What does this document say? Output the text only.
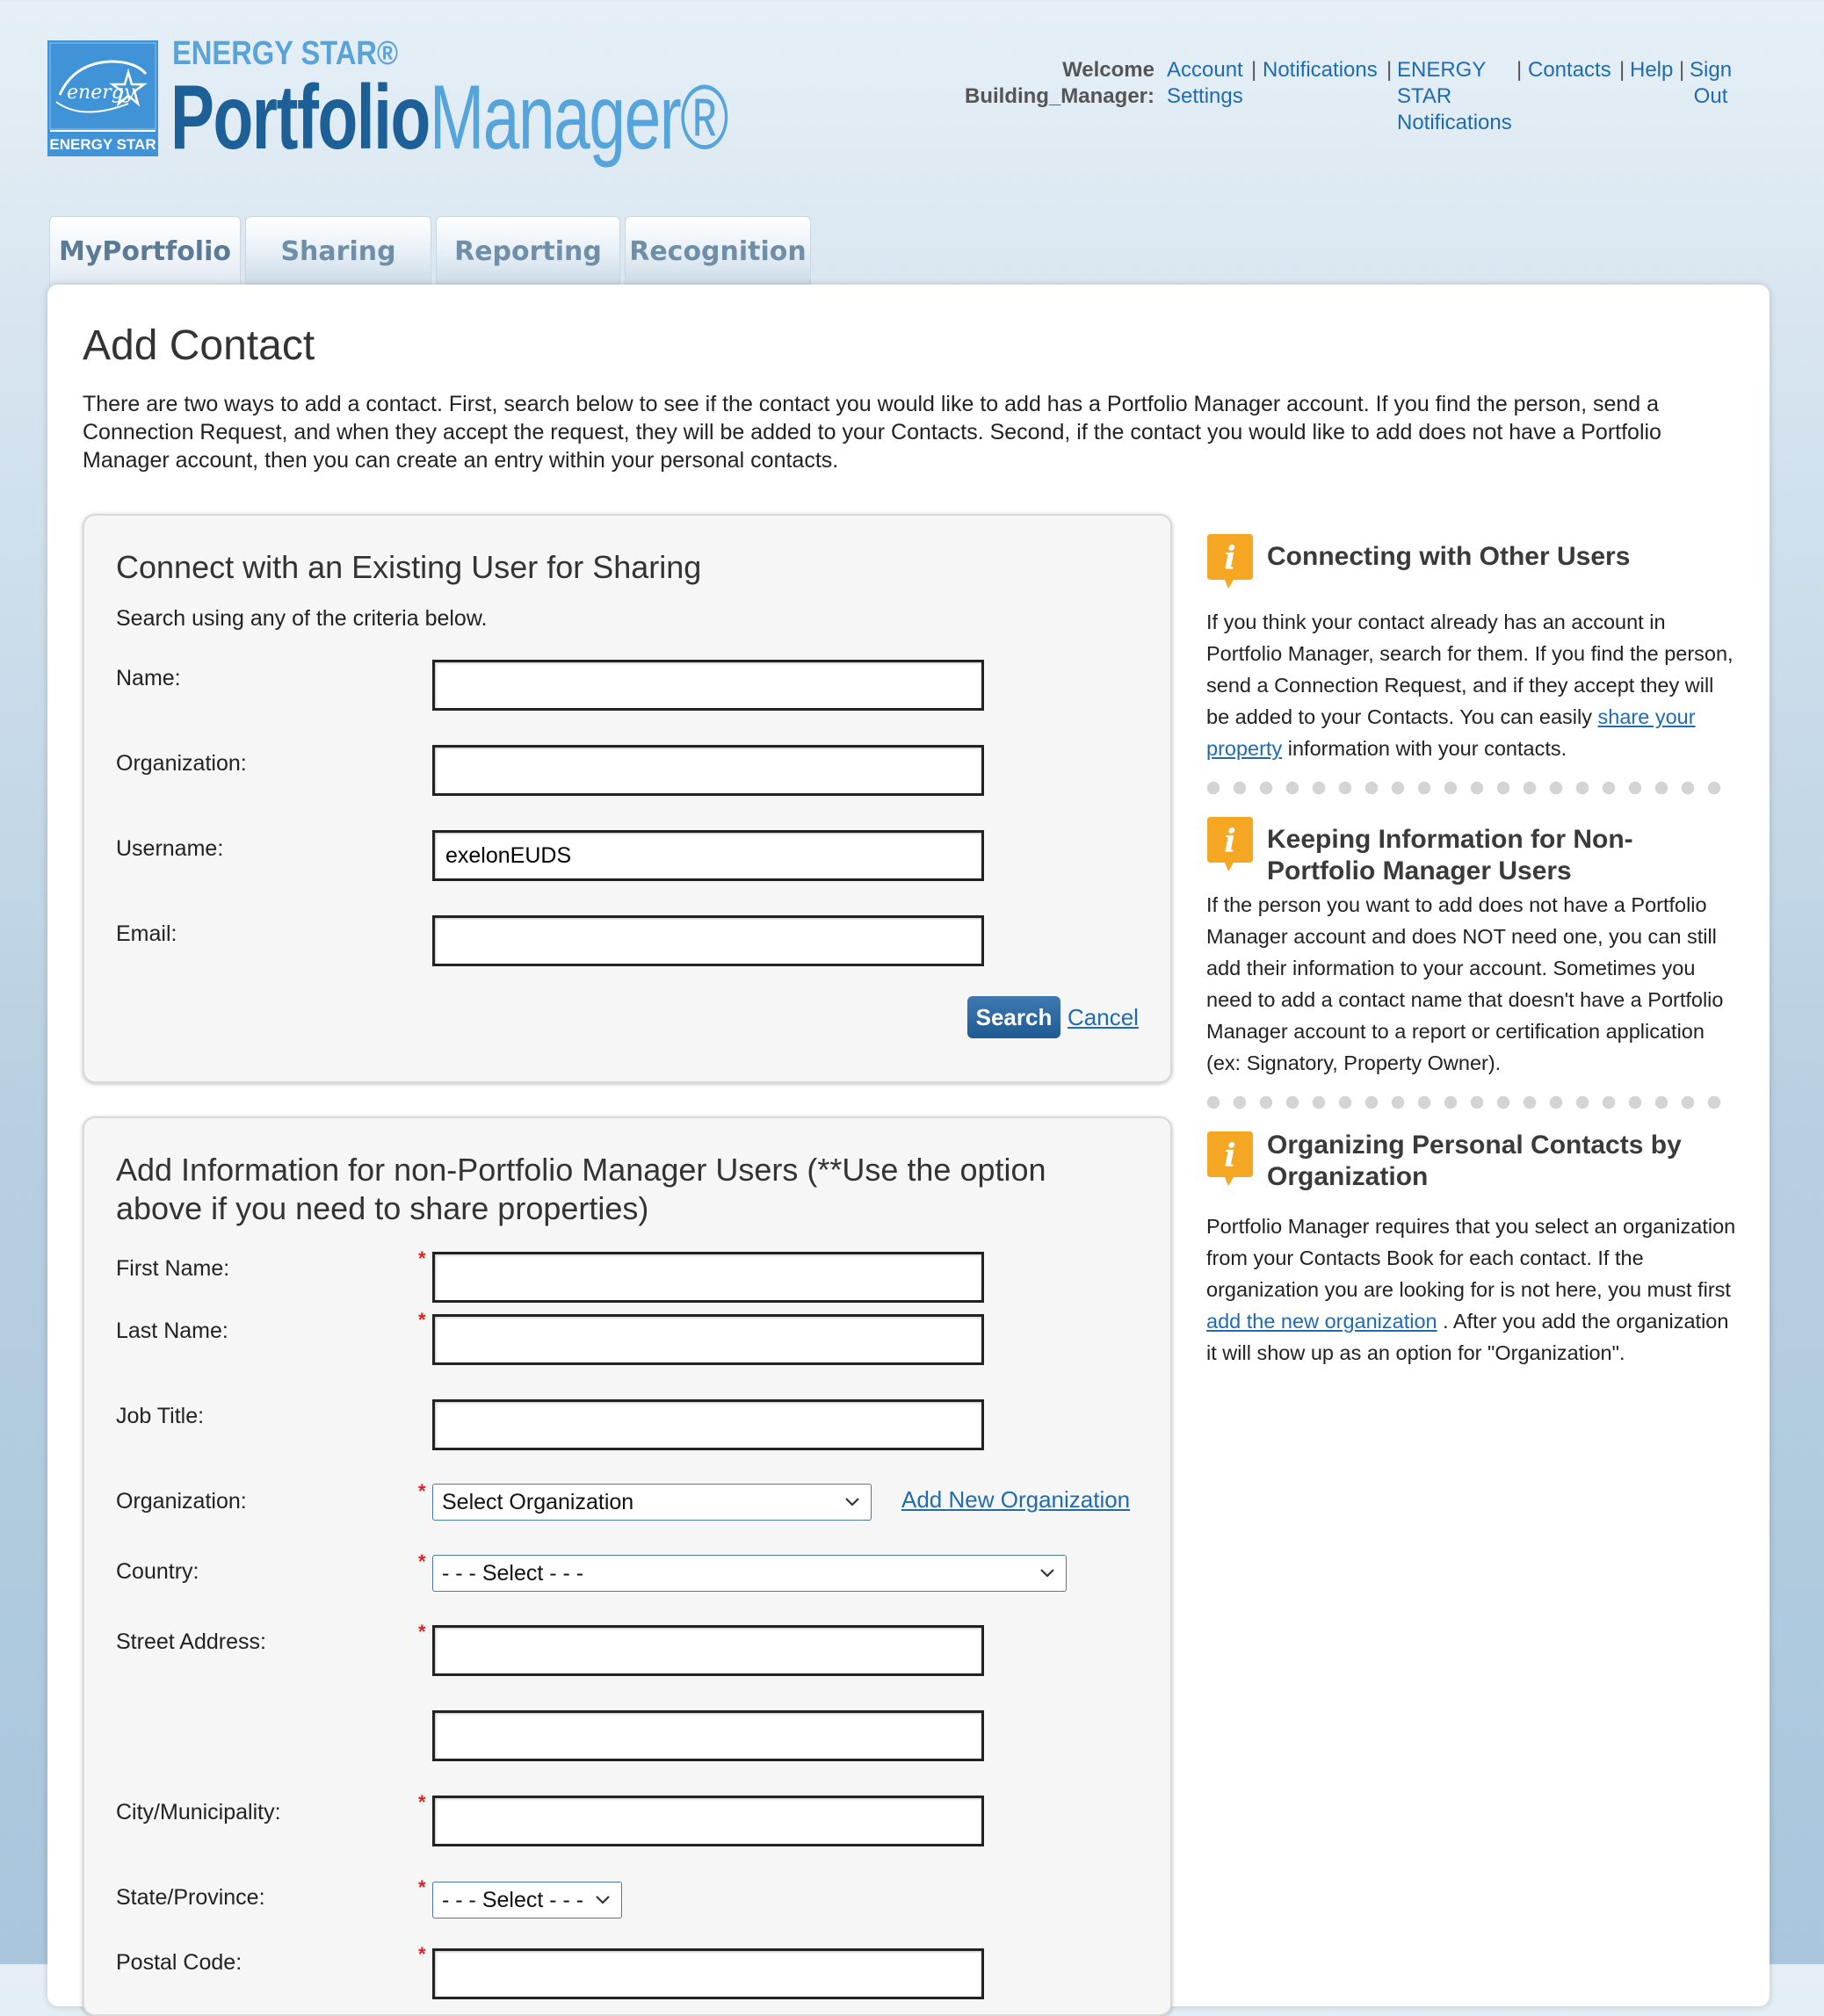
energy
ENERGY STAR
ENERGY STAR®
PortfolioManager®	Welcome
Building_Manager:
Account
Settings
| Notifications | ENERGY
STAR
Notifications
| Contacts | Help | Sign
Out
MyPortfolio	Sharing	Reporting	Recognition
Add Contact
There are two ways to add a contact. First, search below to see if the contact you would like to add has a Portfolio Manager account. If you find the person, send a Connection Request, and when they accept the request, they will be added to your Contacts. Second, if the contact you would like to add does not have a Portfolio Manager account, then you can create an entry within your personal contacts.
Connect with an Existing User for Sharing
Search using any of the criteria below.
Name:
Organization:
Username:
exelonEUDS
Email:
Search Cancel
Add Information for non-Portfolio Manager Users (**Use the option
above if you need to share properties)
First Name:	*
Last Name:	*
Job Title:
Organization:	* Select Organization	Add New Organization
Country:	* - - - Select - - -
Street Address:	*
City/Municipality:	*
State/Province:	* - - - Select - - -
Postal Code:	*
i Connecting with Other Users
If you think your contact already has an account in Portfolio Manager, search for them. If you find the person, send a Connection Request, and if they accept they will be added to your Contacts. You can easily share your property information with your contacts.
i Keeping Information for Non-Portfolio Manager Users
If the person you want to add does not have a Portfolio Manager account and does NOT need one, you can still add their information to your account. Sometimes you need to add a contact name that doesn't have a Portfolio Manager account to a report or certification application (ex: Signatory, Property Owner).
i Organizing Personal Contacts by Organization
Portfolio Manager requires that you select an organization from your Contacts Book for each contact. If the organization you are looking for is not here, you must first add the new organization . After you add the organization it will show up as an option for "Organization".
